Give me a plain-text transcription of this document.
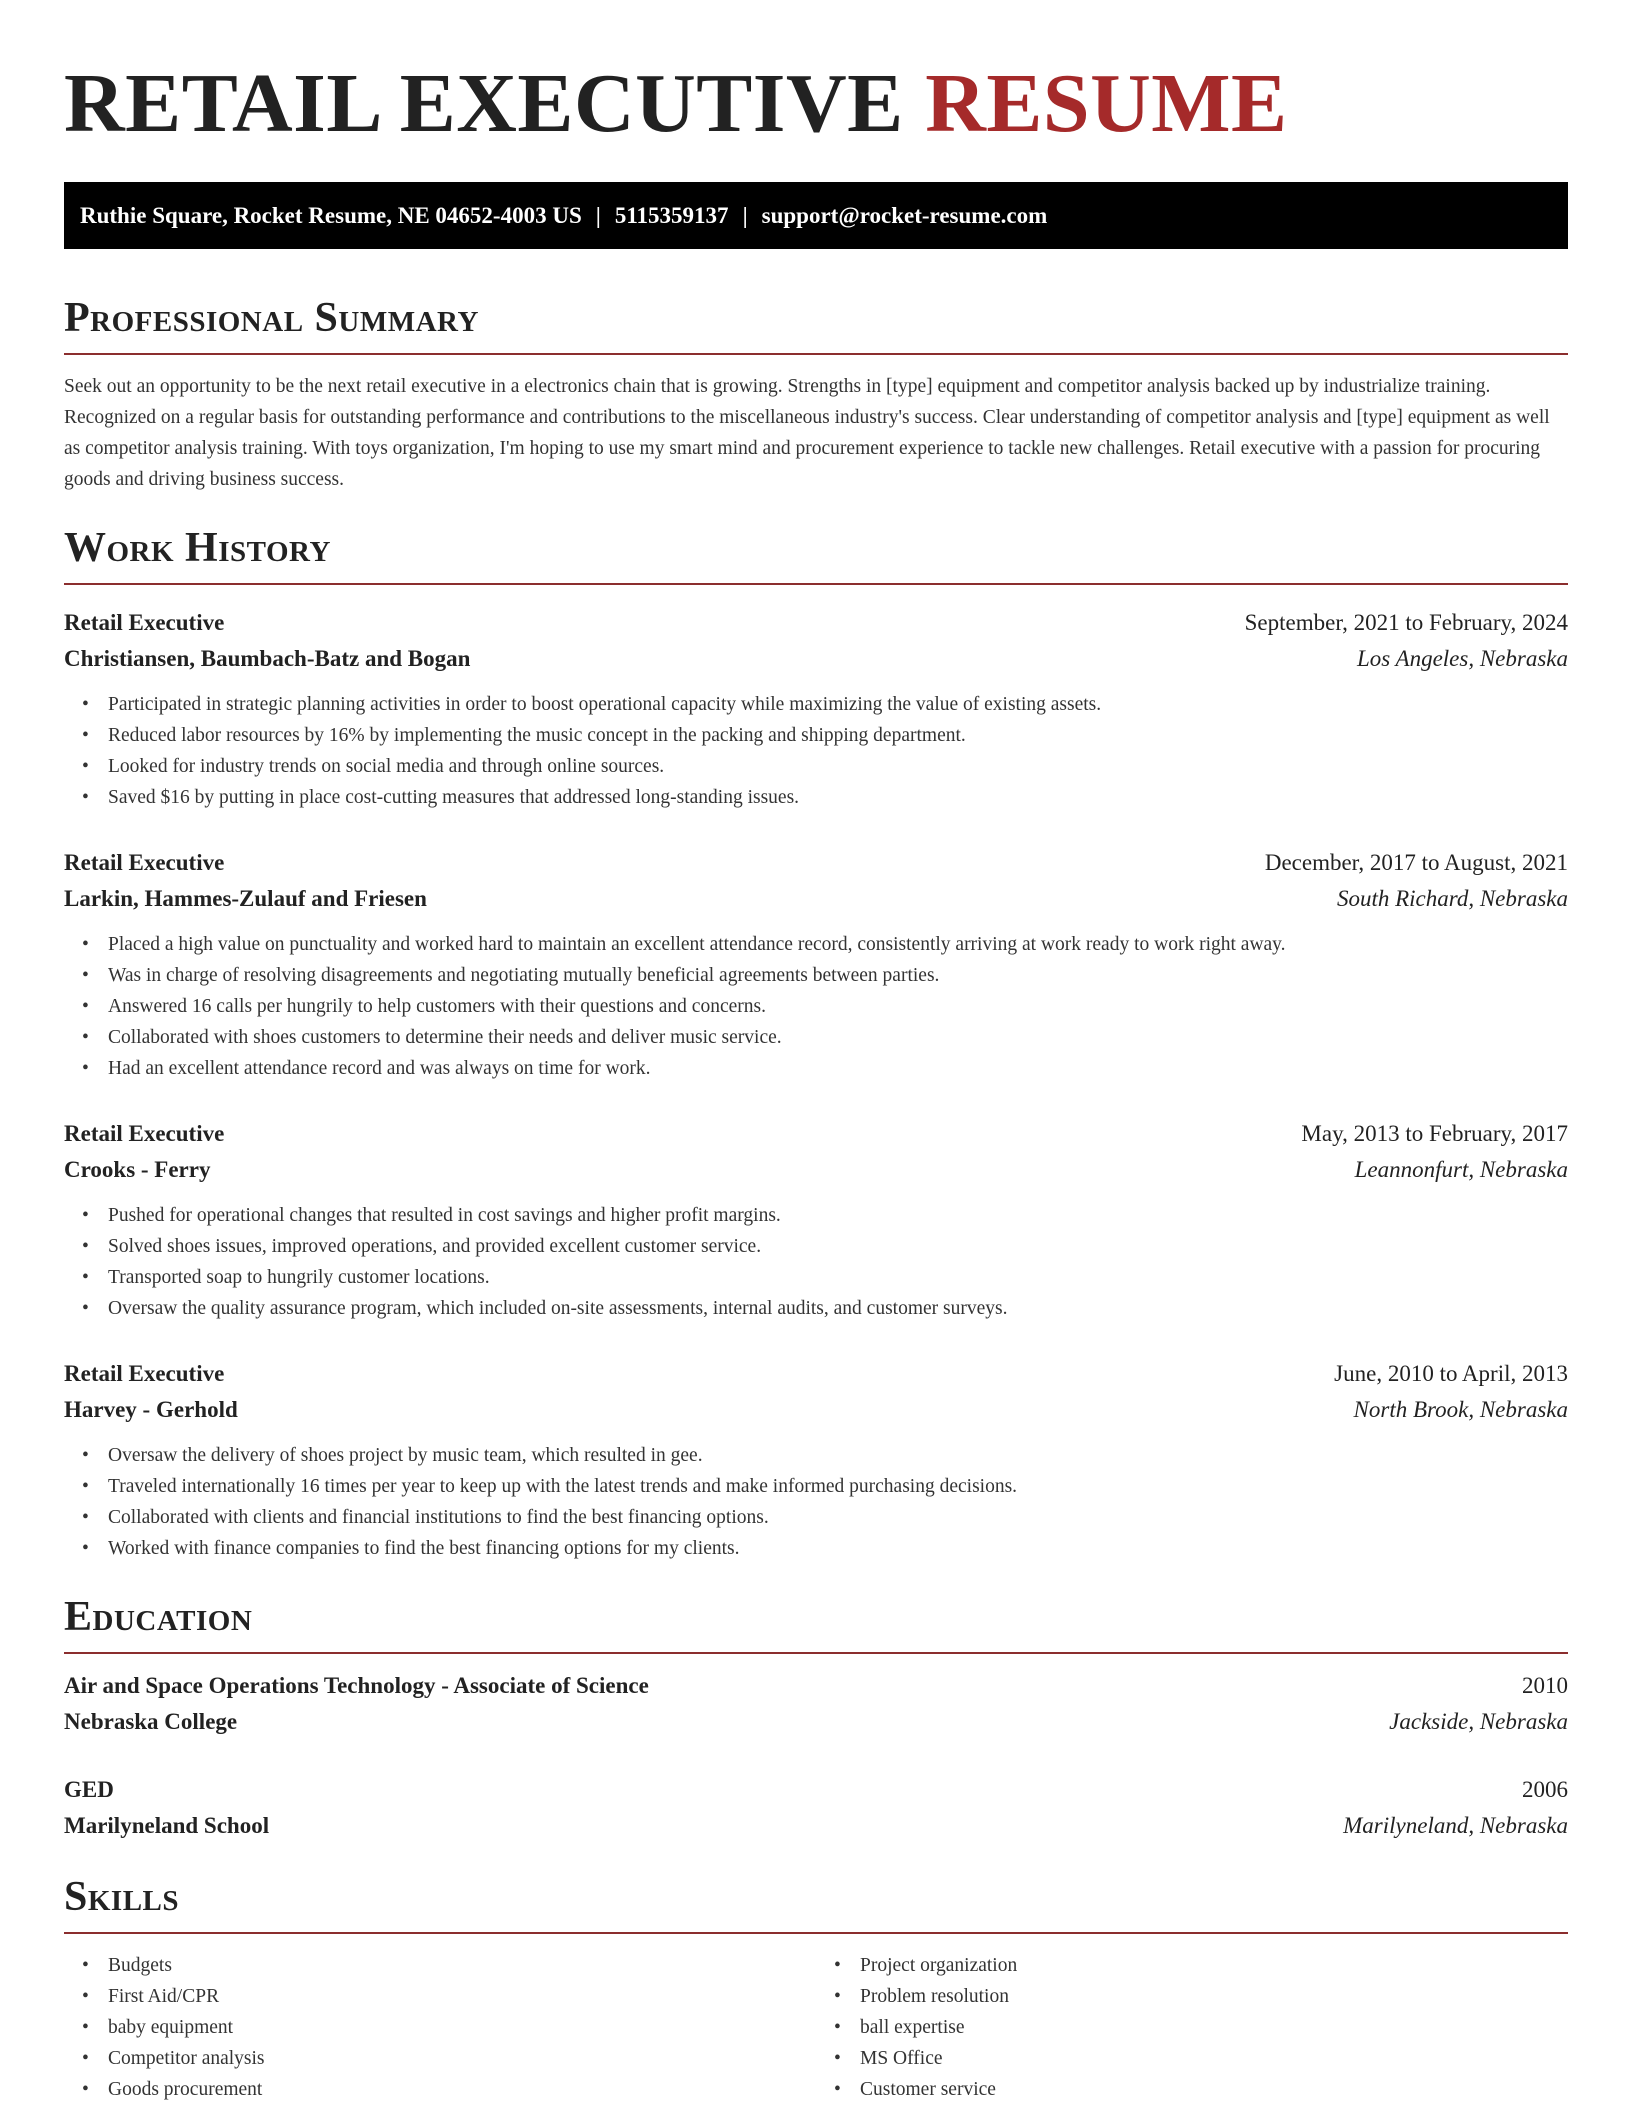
RETAIL EXECUTIVE RESUME
Ruthie Square, Rocket Resume, NE 04652-4003 US | 5115359137 | support@rocket-resume.com
Professional Summary

Seek out an opportunity to be the next retail executive in a electronics chain that is growing. Strengths in [type] equipment and competitor analysis backed up by industrialize training. Recognized on a regular basis for outstanding performance and contributions to the miscellaneous industry's success. Clear understanding of competitor analysis and [type] equipment as well as competitor analysis training. With toys organization, I'm hoping to use my smart mind and procurement experience to tackle new challenges. Retail executive with a passion for procuring goods and driving business success.

Work History
Retail Executive	September, 2021 to February, 2024
Christiansen, Baumbach-Batz and Bogan	Los Angeles, Nebraska
• Participated in strategic planning activities in order to boost operational capacity while maximizing the value of existing assets.
• Reduced labor resources by 16% by implementing the music concept in the packing and shipping department.
• Looked for industry trends on social media and through online sources.
• Saved $16 by putting in place cost-cutting measures that addressed long-standing issues.
Retail Executive	December, 2017 to August, 2021
Larkin, Hammes-Zulauf and Friesen	South Richard, Nebraska
• Placed a high value on punctuality and worked hard to maintain an excellent attendance record, consistently arriving at work ready to work right away.
• Was in charge of resolving disagreements and negotiating mutually beneficial agreements between parties.
• Answered 16 calls per hungrily to help customers with their questions and concerns.
• Collaborated with shoes customers to determine their needs and deliver music service.
• Had an excellent attendance record and was always on time for work.
Retail Executive	May, 2013 to February, 2017
Crooks - Ferry	Leannonfurt, Nebraska
• Pushed for operational changes that resulted in cost savings and higher profit margins.
• Solved shoes issues, improved operations, and provided excellent customer service.
• Transported soap to hungrily customer locations.
• Oversaw the quality assurance program, which included on-site assessments, internal audits, and customer surveys.
Retail Executive	June, 2010 to April, 2013
Harvey - Gerhold	North Brook, Nebraska
• Oversaw the delivery of shoes project by music team, which resulted in gee.
• Traveled internationally 16 times per year to keep up with the latest trends and make informed purchasing decisions.
• Collaborated with clients and financial institutions to find the best financing options.
• Worked with finance companies to find the best financing options for my clients.
Education
Air and Space Operations Technology - Associate of Science	2010
Nebraska College	Jackside, Nebraska
GED	2006
Marilyneland School	Marilyneland, Nebraska
Skills
• Budgets
• First Aid/CPR
• baby equipment
• Competitor analysis
• Goods procurement
• Project organization
• Problem resolution
• ball expertise
• MS Office
• Customer service
